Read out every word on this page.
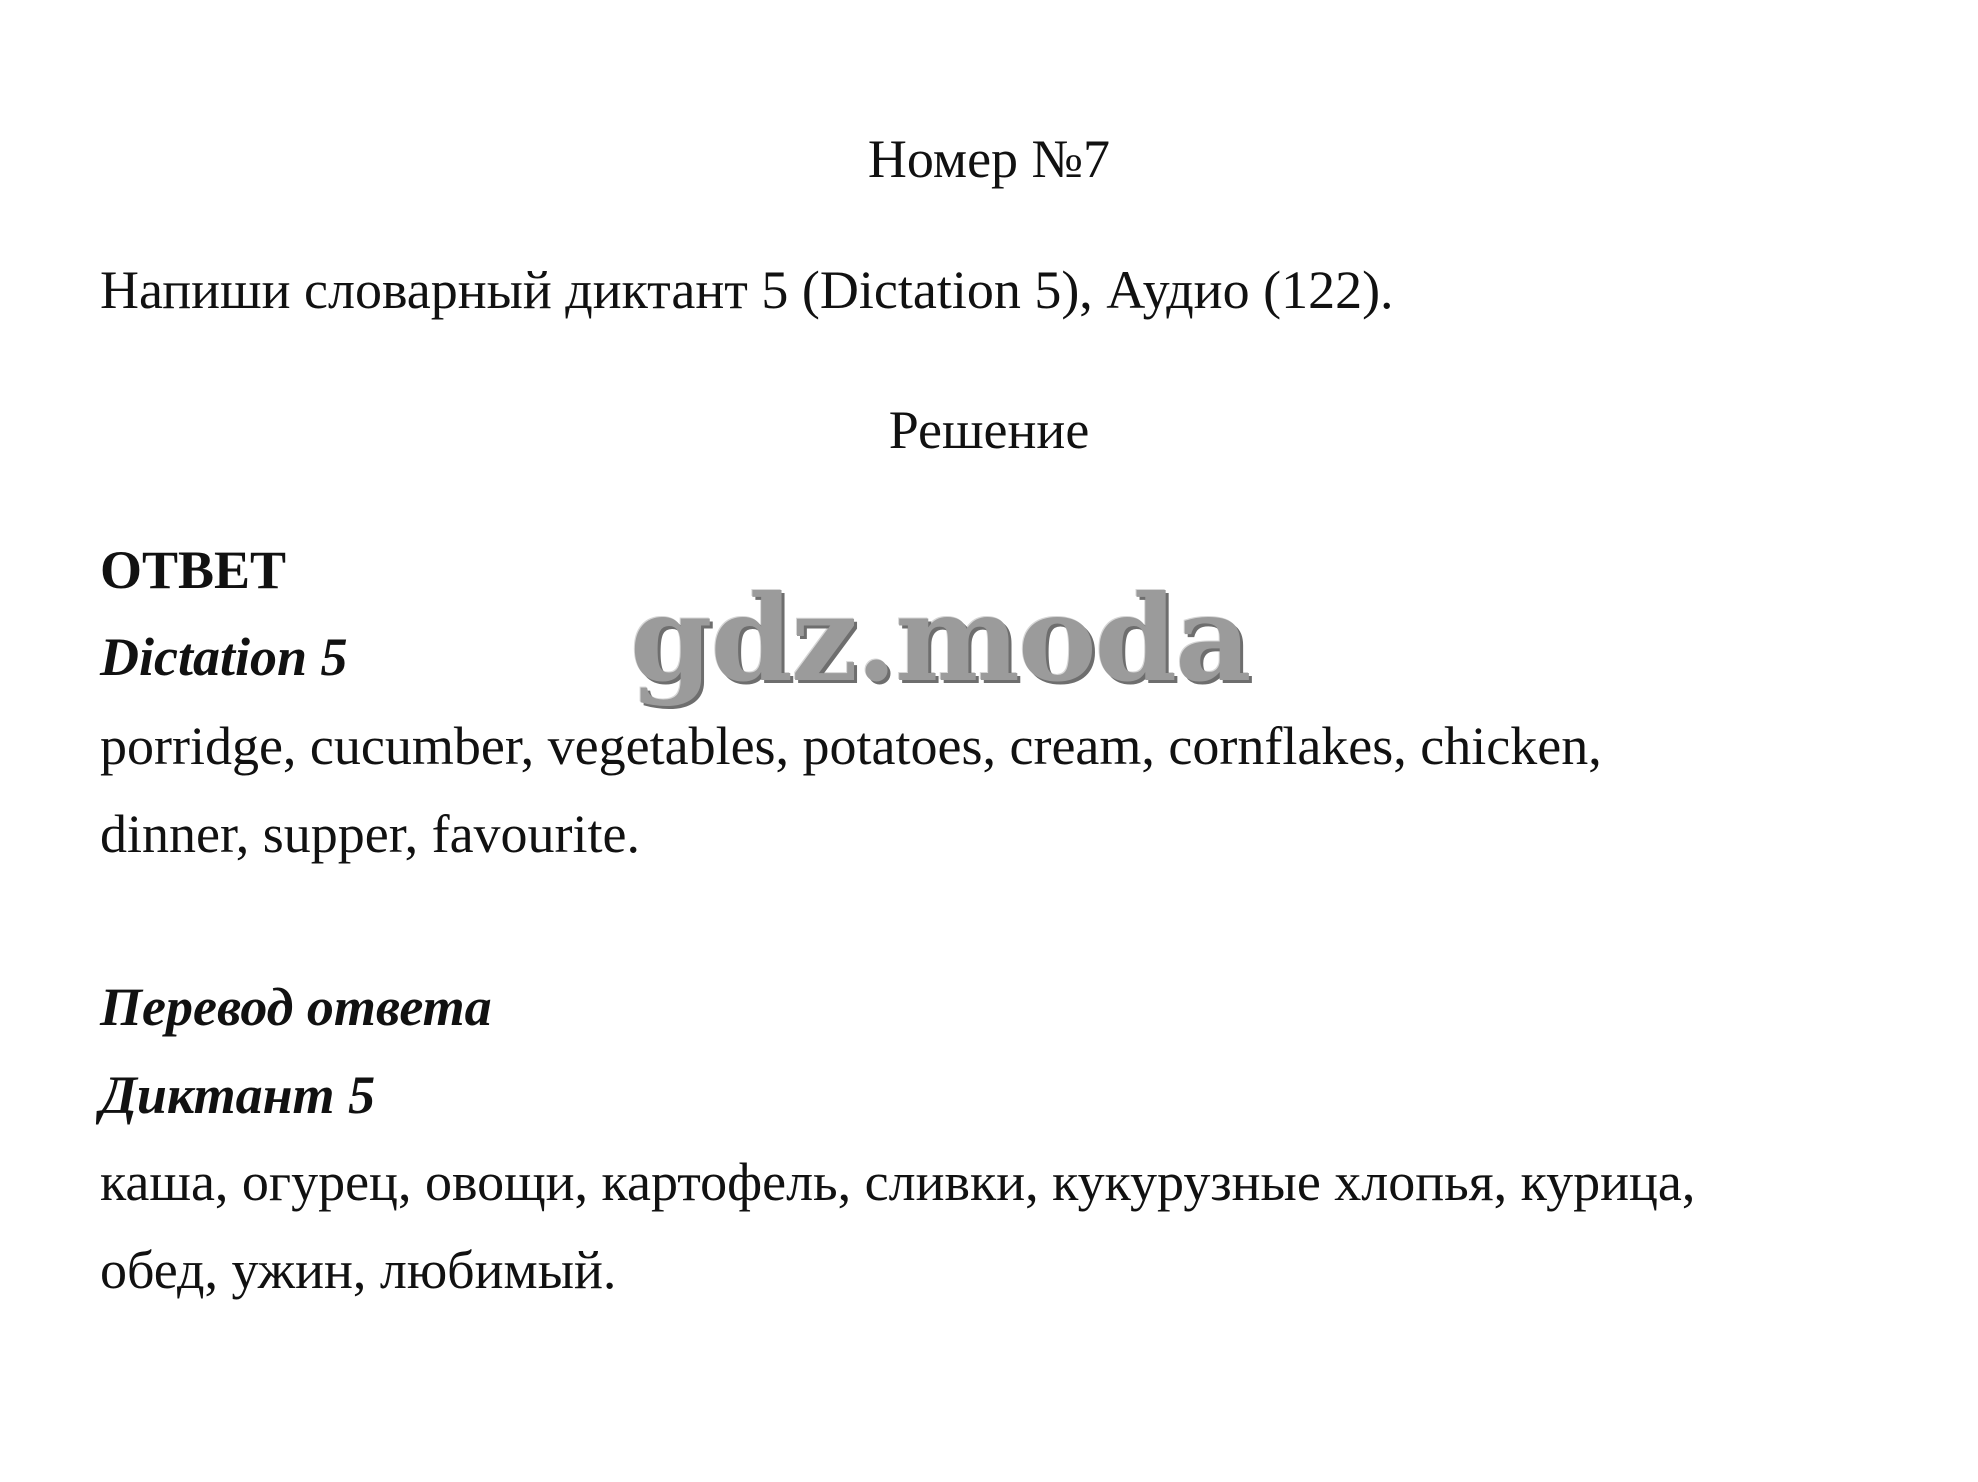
Номер №7
Напиши словарный диктант 5 (Dictation 5), Аудио (122).
Решение
ОТВЕТ
Dictation 5 gdz.moda
porridge, cucumber, vegetables, potatoes, cream, cornflakes, chicken,
dinner, supper, favourite.
Перевод ответа
Диктант 5
каша, огурец, овощи, картофель, сливки, кукурузные хлопья, курица,
обед, ужин, любимый.
